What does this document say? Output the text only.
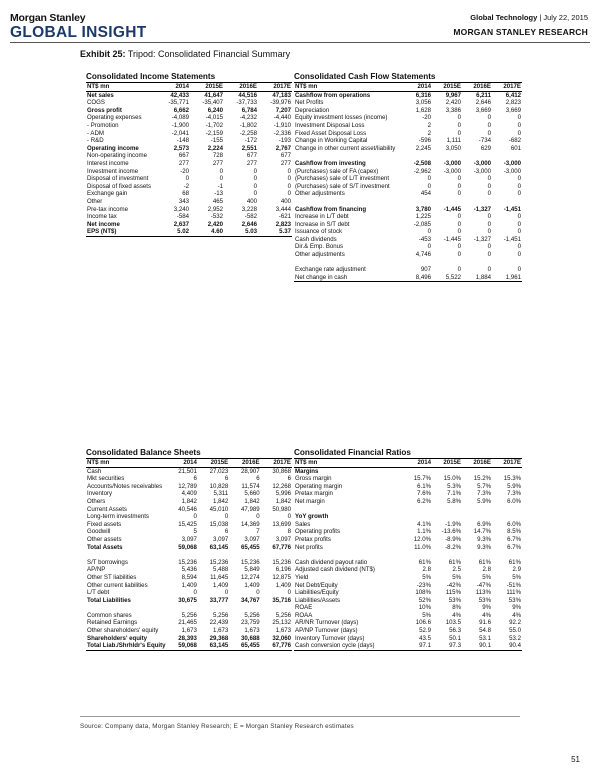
Morgan Stanley
GLOBAL INSIGHT
Global Technology | July 22, 2015
MORGAN STANLEY RESEARCH
Exhibit 25: Tripod: Consolidated Financial Summary
Consolidated Income Statements
NT$ mn	2014	2015E	2016E	2017E
Net sales	42,433	41,647	44,516	47,183
COGS	-35,771	-35,407	-37,733	-39,976
Gross profit	6,662	6,240	6,784	7,207
Operating expenses	-4,089	-4,015	-4,232	-4,440
- Promotion	-1,900	-1,702	-1,802	-1,910
- ADM	-2,041	-2,159	-2,258	-2,336
- R&D	-148	-155	-172	-193
Operating income	2,573	2,224	2,551	2,767
Non-operating income	667	728	677	677
Interest income	277	277	277	277
Investment income	-20	0	0	0
Disposal of investment	0	0	0	0
Disposal of fixed assets	-2	-1	0	0
Exchange gain	68	-13	0	0
Other	343	465	400	400
Pre-tax income	3,240	2,952	3,228	3,444
Income tax	-584	-532	-582	-621
Net income	2,637	2,420	2,646	2,823
EPS (NT$)	5.02	4.60	5.03	5.37
Consolidated Cash Flow Statements
NT$ mn	2014	2015E	2016E	2017E
Cashflow from operations	6,316	9,967	6,211	6,412
Net Profits	3,056	2,420	2,646	2,823
Depreciation	1,628	3,386	3,669	3,669
Equity investment losses (income)	-20	0	0	0
Investment Disposal Loss	2	0	0	0
Fixed Asset Disposal Loss	2	0	0	0
Change in Working Capital	-596	1,111	-734	-682
Change in other current asset/liability	2,245	3,050	629	601

Cashflow from investing	-2,508	-3,000	-3,000	-3,000
(Purchases) sale of FA (capex)	-2,962	-3,000	-3,000	-3,000
(Purchases) sale of L/T investment	0	0	0	0
(Purchases) sale of S/T investment	0	0	0	0
Other adjustments	454	0	0	0

Cashflow from financing	3,780	-1,445	-1,327	-1,451
Increase in L/T debt	1,225	0	0	0
Increase in S/T debt	-2,085	0	0	0
Issuance of stock	0	0	0	0
Cash dividends	-453	-1,445	-1,327	-1,451
Dir.& Emp. Bonus	0	0	0	0
Other adjustments	4,746	0	0	0

Exchange rate adjustment	907	0	0	0
Net change in cash	8,496	5,522	1,884	1,961
Consolidated Balance Sheets
NT$ mn	2014	2015E	2016E	2017E
Cash	21,501	27,023	28,907	30,868
Mkt securities	6	6	6	6
Accounts/Notes receivables	12,789	10,828	11,574	12,268
Inventory	4,409	5,311	5,660	5,996
Others	1,842	1,842	1,842	1,842
Current Assets	40,546	45,010	47,989	50,980
Long-term investments	0	0	0	0
Fixed assets	15,425	15,038	14,369	13,699
Goodwill	5	6	7	8
Other assets	3,097	3,097	3,097	3,097
Total Assets	59,068	63,145	65,455	67,776

S/T borrowings	15,236	15,236	15,236	15,236
AP/NP	5,436	5,488	5,849	6,196
Other ST liabilities	8,594	11,645	12,274	12,875
Other current liabilities	1,409	1,409	1,409	1,409
L/T debt	0	0	0	0
Total Liabilities	30,675	33,777	34,767	35,716

Common shares	5,256	5,256	5,256	5,256
Retained Earnings	21,465	22,439	23,759	25,132
Other shareholders' equity	1,673	1,673	1,673	1,673
Shareholders' equity	28,393	29,368	30,688	32,060
Total Liab./Shrhldr's Equity	59,068	63,145	65,455	67,776
Consolidated Financial Ratios
NT$ mn	2014	2015E	2016E	2017E
Margins				
Gross margin	15.7%	15.0%	15.2%	15.3%
Operating margin	6.1%	5.3%	5.7%	5.9%
Pretax margin	7.6%	7.1%	7.3%	7.3%
Net margin	6.2%	5.8%	5.9%	6.0%

YoY growth				
Sales	4.1%	-1.9%	6.9%	6.0%
Operating profits	1.1%	-13.6%	14.7%	8.5%
Pretax profits	12.0%	-8.9%	9.3%	6.7%
Net profits	11.0%	-8.2%	9.3%	6.7%

Cash dividend payout ratio	61%	61%	61%	61%
Adjusted cash dividend (NT$)	2.8	2.5	2.8	2.9
Yield	5%	5%	5%	5%
Net Debt/Equity	-23%	-42%	-47%	-51%
Liabilities/Equity	108%	115%	113%	111%
Liabilities/Assets	52%	53%	53%	53%
ROAE	10%	8%	9%	9%
ROAA	5%	4%	4%	4%
AR/NR Turnover (days)	106.6	103.5	91.6	92.2
AP/NP Turnover (days)	52.9	56.3	54.8	55.0
Inventory Turnover (days)	43.5	50.1	53.1	53.2
Cash conversion cycle (days)	97.1	97.3	90.1	90.4
Source: Company data, Morgan Stanley Research; E = Morgan Stanley Research estimates
51
